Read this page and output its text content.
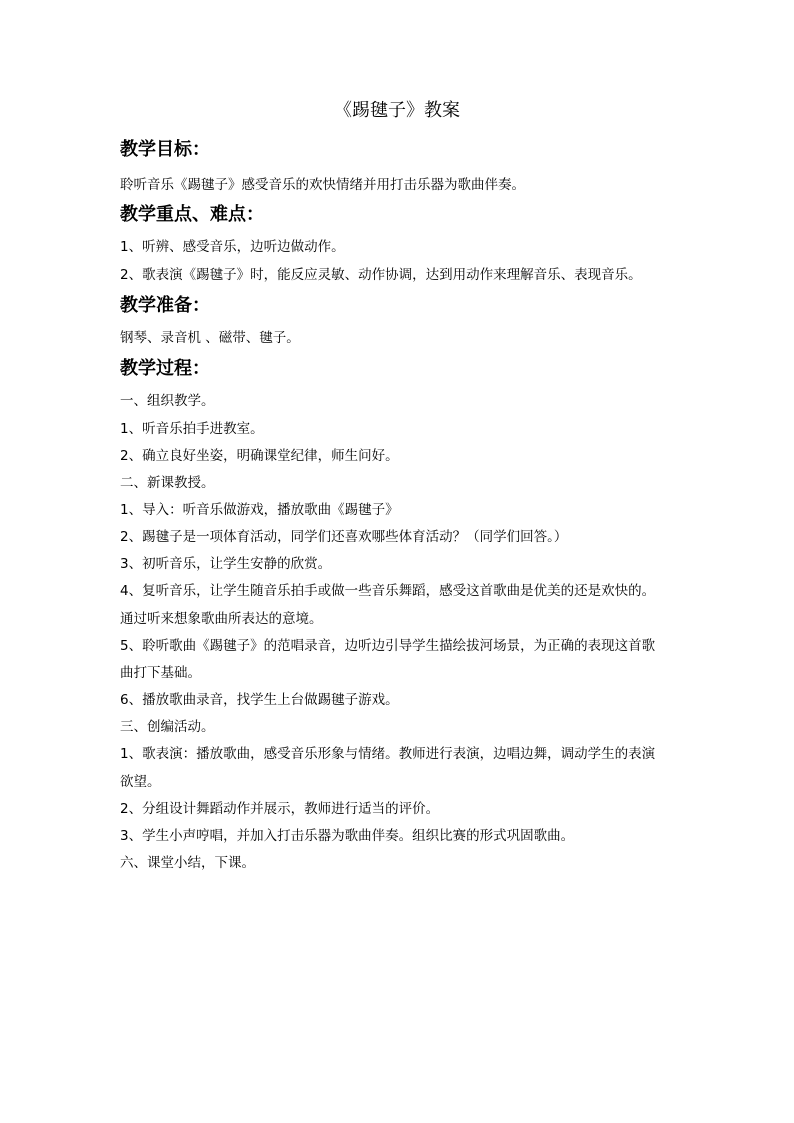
《踢毽子》教案
教学目标：
聆听音乐《踢毽子》感受音乐的欢快情绪并用打击乐器为歌曲伴奏。
教学重点、难点：
1、听辨、感受音乐，边听边做动作。
2、歌表演《踢毽子》时，能反应灵敏、动作协调，达到用动作来理解音乐、表现音乐。
教学准备：
钢琴、录音机 、磁带、毽子。
教学过程：
一、组织教学。
1、听音乐拍手进教室。
2、确立良好坐姿，明确课堂纪律，师生问好。
二、新课教授。
1、导入：听音乐做游戏，播放歌曲《踢毽子》
2、踢毽子是一项体育活动，同学们还喜欢哪些体育活动？（同学们回答。）
3、初听音乐，让学生安静的欣赏。
4、复听音乐，让学生随音乐拍手或做一些音乐舞蹈，感受这首歌曲是优美的还是欢快的。
通过听来想象歌曲所表达的意境。
5、聆听歌曲《踢毽子》的范唱录音，边听边引导学生描绘拔河场景，为正确的表现这首歌
曲打下基础。
6、播放歌曲录音，找学生上台做踢毽子游戏。
三、创编活动。
1、歌表演：播放歌曲，感受音乐形象与情绪。教师进行表演，边唱边舞，调动学生的表演
欲望。
2、分组设计舞蹈动作并展示，教师进行适当的评价。
3、学生小声哼唱，并加入打击乐器为歌曲伴奏。组织比赛的形式巩固歌曲。
六、课堂小结，下课。
